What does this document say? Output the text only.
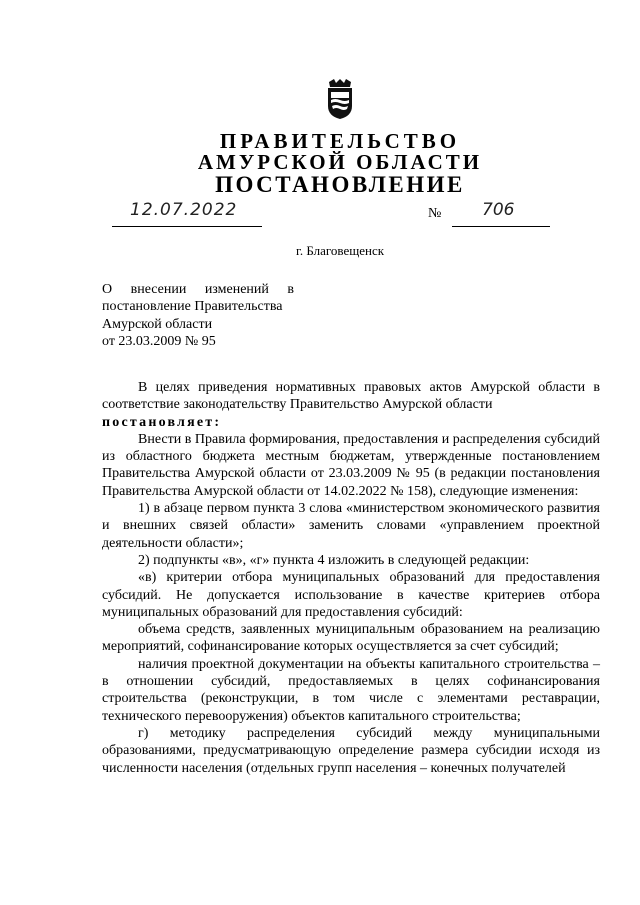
ПРАВИТЕЛЬСТВО
АМУРСКОЙ ОБЛАСТИ
ПОСТАНОВЛЕНИЕ
12.07.2022	№ 706
г. Благовещенск
О внесении изменений в
постановление Правительства
Амурской области
от 23.03.2009 № 95

В целях приведения нормативных правовых актов Амурской области в соответствие законодательству Правительство Амурской области

постановляет:

Внести в Правила формирования, предоставления и распределения субсидий из областного бюджета местным бюджетам, утвержденные постановлением Правительства Амурской области от 23.03.2009 № 95 (в редакции постановления Правительства Амурской области от 14.02.2022 № 158), следующие изменения:

1) в абзаце первом пункта 3 слова «министерством экономического развития и внешних связей области» заменить словами «управлением проектной деятельности области»;

2) подпункты «в», «г» пункта 4 изложить в следующей редакции:

«в) критерии отбора муниципальных образований для предоставления субсидий. Не допускается использование в качестве критериев отбора муниципальных образований для предоставления субсидий:

объема средств, заявленных муниципальным образованием на реализацию мероприятий, софинансирование которых осуществляется за счет субсидий;

наличия проектной документации на объекты капитального строительства – в отношении субсидий, предоставляемых в целях софинансирования строительства (реконструкции, в том числе с элементами реставрации, технического перевооружения) объектов капитального строительства;

г) методику распределения субсидий между муниципальными образованиями, предусматривающую определение размера субсидии исходя из численности населения (отдельных групп населения – конечных получателей
